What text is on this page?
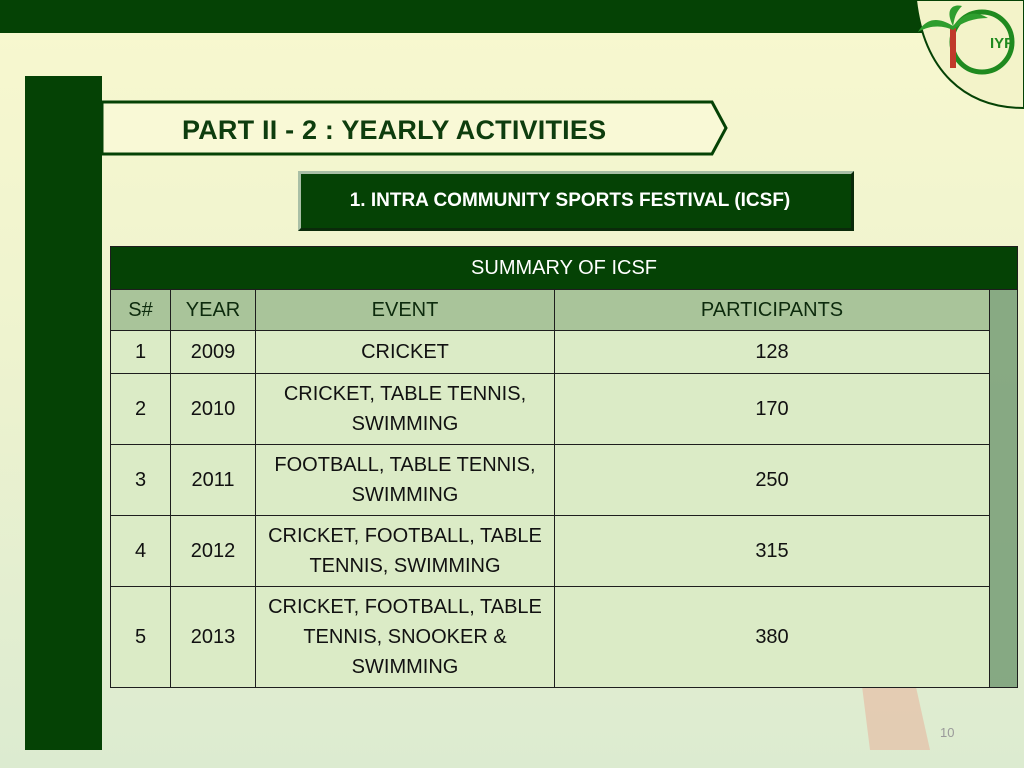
IYF
PART II - 2 : YEARLY ACTIVITIES
1. INTRA COMMUNITY SPORTS FESTIVAL (ICSF)
SUMMARY OF ICSF				
S#	YEAR	EVENT	PARTICIPANTS	
1	2009	CRICKET	128	
2	2010	CRICKET, TABLE TENNIS, SWIMMING	170	
3	2011	FOOTBALL, TABLE TENNIS, SWIMMING	250	
4	2012	CRICKET, FOOTBALL, TABLE TENNIS, SWIMMING	315	
5	2013	CRICKET, FOOTBALL, TABLE TENNIS, SNOOKER & SWIMMING	380	
10
